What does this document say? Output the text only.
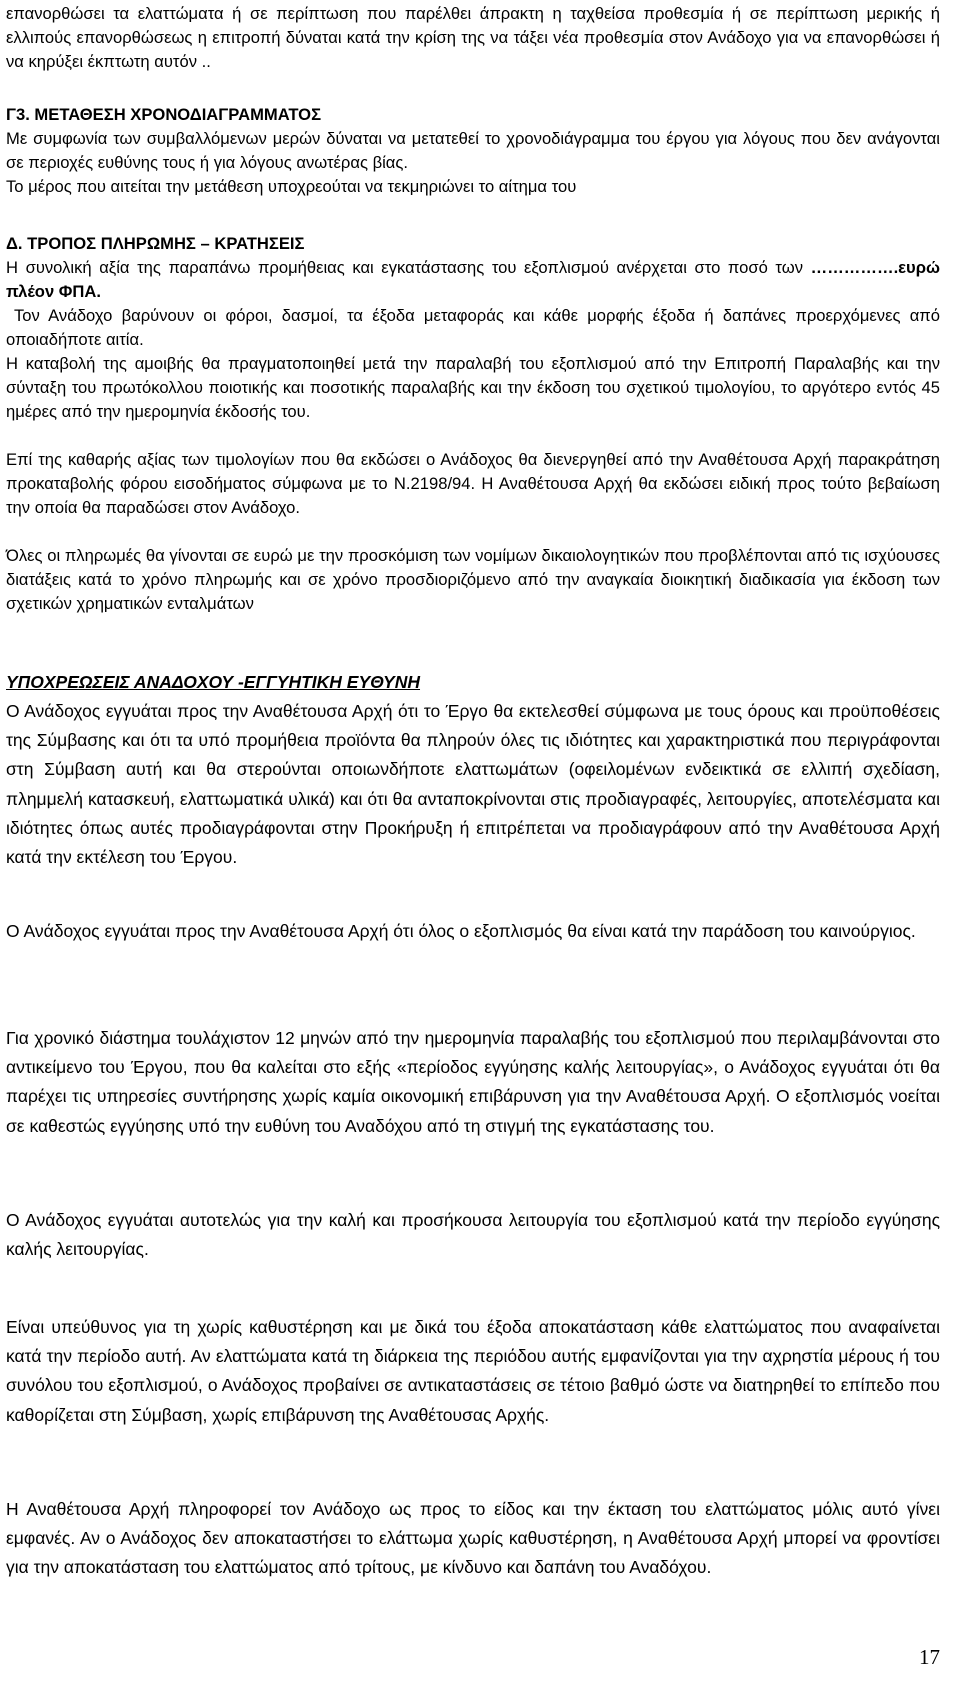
επανορθώσει τα ελαττώματα ή σε περίπτωση που παρέλθει άπρακτη η ταχθείσα προθεσμία ή σε περίπτωση μερικής ή ελλιπούς επανορθώσεως η επιτροπή δύναται κατά την κρίση της να τάξει νέα προθεσμία στον Ανάδοχο για να επανορθώσει ή να κηρύξει έκπτωτη αυτόν ..

Γ3. ΜΕΤΑΘΕΣΗ ΧΡΟΝΟΔΙΑΓΡΑΜΜΑΤΟΣ

Με συμφωνία των συμβαλλόμενων μερών δύναται να μετατεθεί το χρονοδιάγραμμα του έργου για λόγους που δεν ανάγονται σε περιοχές ευθύνης τους ή για λόγους ανωτέρας βίας.

Το μέρος που αιτείται την μετάθεση υποχρεούται να τεκμηριώνει το αίτημα του

Δ. ΤΡΟΠΟΣ ΠΛΗΡΩΜΗΣ – ΚΡΑΤΗΣΕΙΣ

Η συνολική αξία της παραπάνω προμήθειας και εγκατάστασης του εξοπλισμού ανέρχεται στο ποσό των …………….ευρώ πλέον ΦΠΑ.

Τον Ανάδοχο βαρύνουν οι φόροι, δασμοί, τα έξοδα μεταφοράς και κάθε μορφής έξοδα ή δαπάνες προερχόμενες από οποιαδήποτε αιτία.

Η καταβολή της αμοιβής θα πραγματοποιηθεί μετά την παραλαβή του εξοπλισμού από την Επιτροπή Παραλαβής και την σύνταξη του πρωτόκολλου ποιοτικής και ποσοτικής παραλαβής και την έκδοση του σχετικού τιμολογίου, το αργότερο εντός 45 ημέρες από την ημερομηνία έκδοσής του.

Επί της καθαρής αξίας των τιμολογίων που θα εκδώσει ο Ανάδοχος θα διενεργηθεί από την Αναθέτουσα Αρχή παρακράτηση προκαταβολής φόρου εισοδήματος σύμφωνα με το Ν.2198/94. Η Αναθέτουσα Αρχή θα εκδώσει ειδική προς τούτο βεβαίωση την οποία θα παραδώσει στον Ανάδοχο.

Όλες οι πληρωμές θα γίνονται σε ευρώ με την προσκόμιση των νομίμων δικαιολογητικών που προβλέπονται από τις ισχύουσες διατάξεις κατά το χρόνο πληρωμής και σε χρόνο προσδιοριζόμενο από την αναγκαία διοικητική διαδικασία για έκδοση των σχετικών χρηματικών ενταλμάτων

ΥΠΟΧΡΕΩΣΕΙΣ ΑΝΑΔΟΧΟΥ -ΕΓΓΥΗΤΙΚΗ ΕΥΘΥΝΗ

Ο Ανάδοχος εγγυάται προς την Αναθέτουσα Αρχή ότι το Έργο θα εκτελεσθεί σύμφωνα με τους όρους και προϋποθέσεις της Σύμβασης και ότι τα υπό προμήθεια προϊόντα θα πληρούν όλες τις ιδιότητες και χαρακτηριστικά που περιγράφονται στη Σύμβαση αυτή και θα στερούνται οποιωνδήποτε ελαττωμάτων (οφειλομένων ενδεικτικά σε ελλιπή σχεδίαση, πλημμελή κατασκευή, ελαττωματικά υλικά) και ότι θα ανταποκρίνονται στις προδιαγραφές, λειτουργίες, αποτελέσματα και ιδιότητες όπως αυτές προδιαγράφονται στην Προκήρυξη ή επιτρέπεται να προδιαγράφουν από την Αναθέτουσα Αρχή κατά την εκτέλεση του Έργου.

Ο Ανάδοχος εγγυάται προς την Αναθέτουσα Αρχή ότι όλος ο εξοπλισμός θα είναι κατά την παράδοση του καινούργιος.

Για χρονικό διάστημα τουλάχιστον 12 μηνών από την ημερομηνία παραλαβής του εξοπλισμού που περιλαμβάνονται στο αντικείμενο του Έργου, που θα καλείται στο εξής «περίοδος εγγύησης καλής λειτουργίας», ο Ανάδοχος εγγυάται ότι θα παρέχει τις υπηρεσίες συντήρησης χωρίς καμία οικονομική επιβάρυνση για την Αναθέτουσα Αρχή. Ο εξοπλισμός νοείται σε καθεστώς εγγύησης υπό την ευθύνη του Αναδόχου από τη στιγμή της εγκατάστασης του.

Ο Ανάδοχος εγγυάται αυτοτελώς για την καλή και προσήκουσα λειτουργία του εξοπλισμού κατά την περίοδο εγγύησης καλής λειτουργίας.

Είναι υπεύθυνος για τη χωρίς καθυστέρηση και με δικά του έξοδα αποκατάσταση κάθε ελαττώματος που αναφαίνεται κατά την περίοδο αυτή. Αν ελαττώματα κατά τη διάρκεια της περιόδου αυτής εμφανίζονται για την αχρηστία μέρους ή του συνόλου του εξοπλισμού, ο Ανάδοχος προβαίνει σε αντικαταστάσεις σε τέτοιο βαθμό ώστε να διατηρηθεί το επίπεδο που καθορίζεται στη Σύμβαση, χωρίς επιβάρυνση της Αναθέτουσας Αρχής.

Η Αναθέτουσα Αρχή πληροφορεί τον Ανάδοχο ως προς το είδος και την έκταση του ελαττώματος μόλις αυτό γίνει εμφανές. Αν ο Ανάδοχος δεν αποκαταστήσει το ελάττωμα χωρίς καθυστέρηση, η Αναθέτουσα Αρχή μπορεί να φροντίσει για την αποκατάσταση του ελαττώματος από τρίτους, με κίνδυνο και δαπάνη του Αναδόχου.

17
